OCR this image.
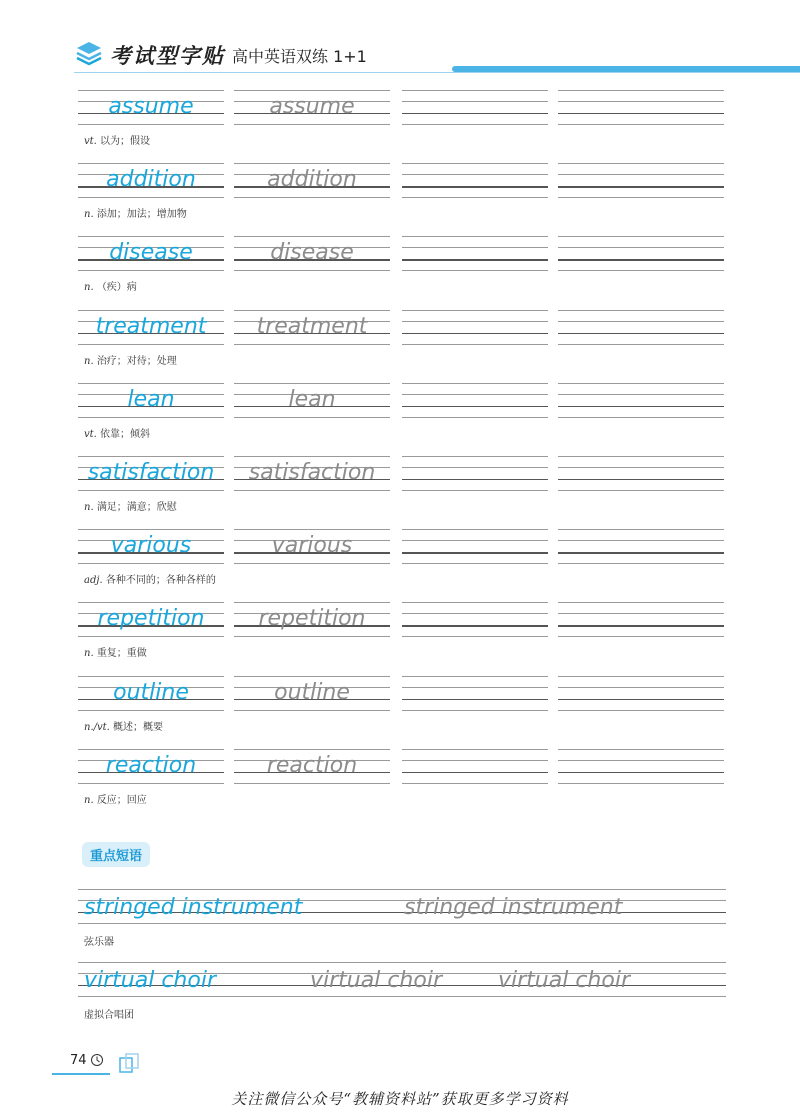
考试型字贴 高中英语双练 1+1
assume	assume
vt. 以为；假设
addition	addition
n. 添加；加法；增加物
disease	disease
n. （疾）病
treatment	treatment
n. 治疗；对待；处理
lean	lean
vt. 依靠；倾斜
satisfaction	satisfaction
n. 满足；满意；欣慰
various	various
adj. 各种不同的；各种各样的
repetition	repetition
n. 重复；重做
outline	outline
n./vt. 概述；概要
reaction	reaction
n. 反应；回应
重点短语
stringed instrument	stringed instrument
弦乐器
virtual choir	virtual choir	virtual choir
虚拟合唱团
74
关注微信公众号“教辅资料站”获取更多学习资料
